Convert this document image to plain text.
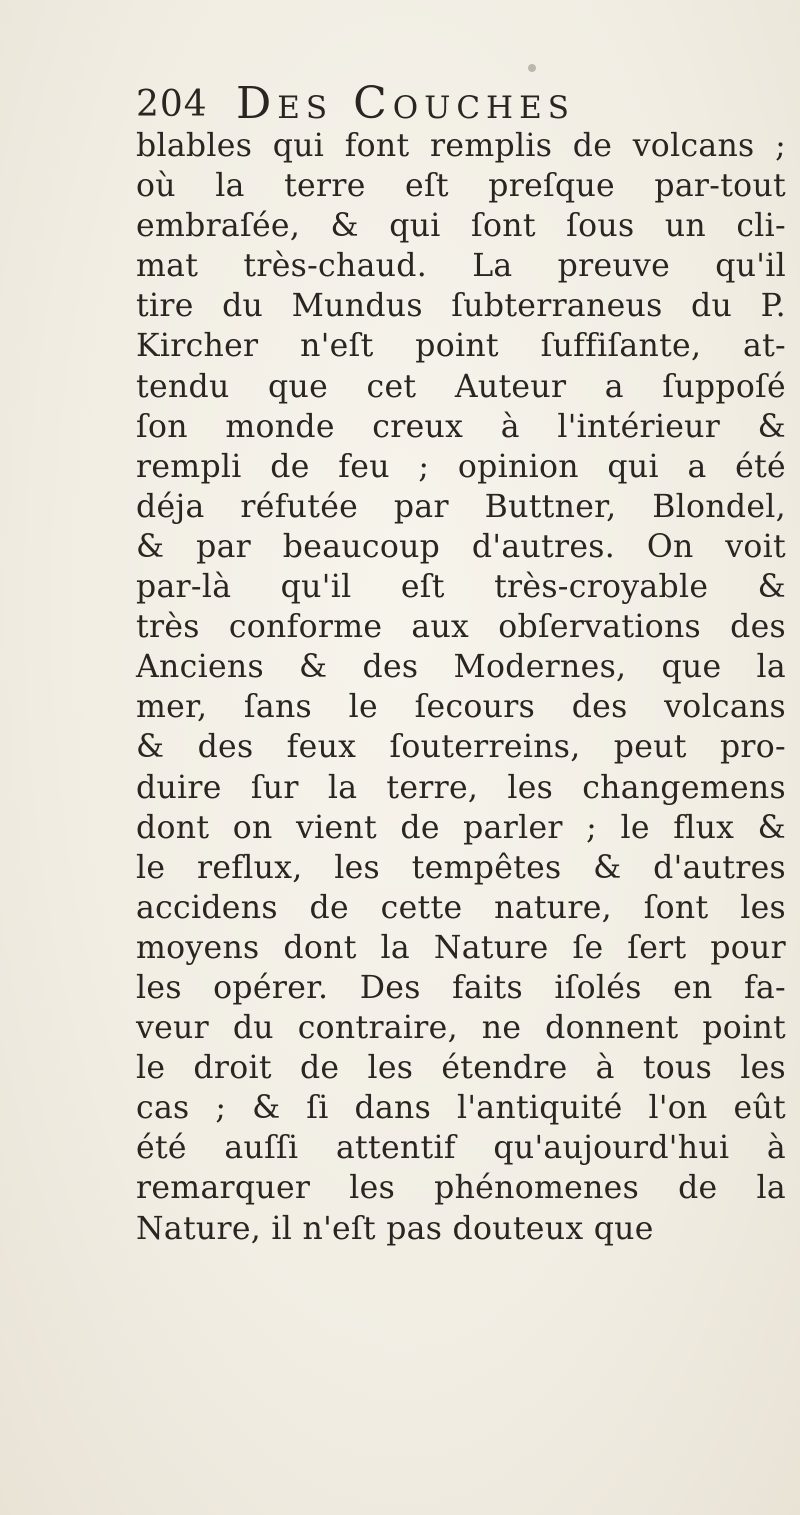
204 Des Couches
blables qui font remplis de volcans ;
où la terre eſt preſque par-tout
embraſée, & qui ſont ſous un cli-
mat très-chaud. La preuve qu'il
tire du Mundus ſubterraneus du P.
Kircher n'eſt point ſuffiſante, at-
tendu que cet Auteur a ſuppoſé
ſon monde creux à l'intérieur &
rempli de feu ; opinion qui a été
déja réfutée par Buttner, Blondel,
& par beaucoup d'autres. On voit
par-là qu'il eſt très-croyable &
très conforme aux obſervations des
Anciens & des Modernes, que la
mer, ſans le ſecours des volcans
& des feux ſouterreins, peut pro-
duire ſur la terre, les changemens
dont on vient de parler ; le flux &
le reflux, les tempêtes & d'autres
accidens de cette nature, ſont les
moyens dont la Nature ſe ſert pour
les opérer. Des faits iſolés en fa-
veur du contraire, ne donnent point
le droit de les étendre à tous les
cas ; & ſi dans l'antiquité l'on eût
été auſſi attentif qu'aujourd'hui à
remarquer les phénomenes de la
Nature, il n'eſt pas douteux que
